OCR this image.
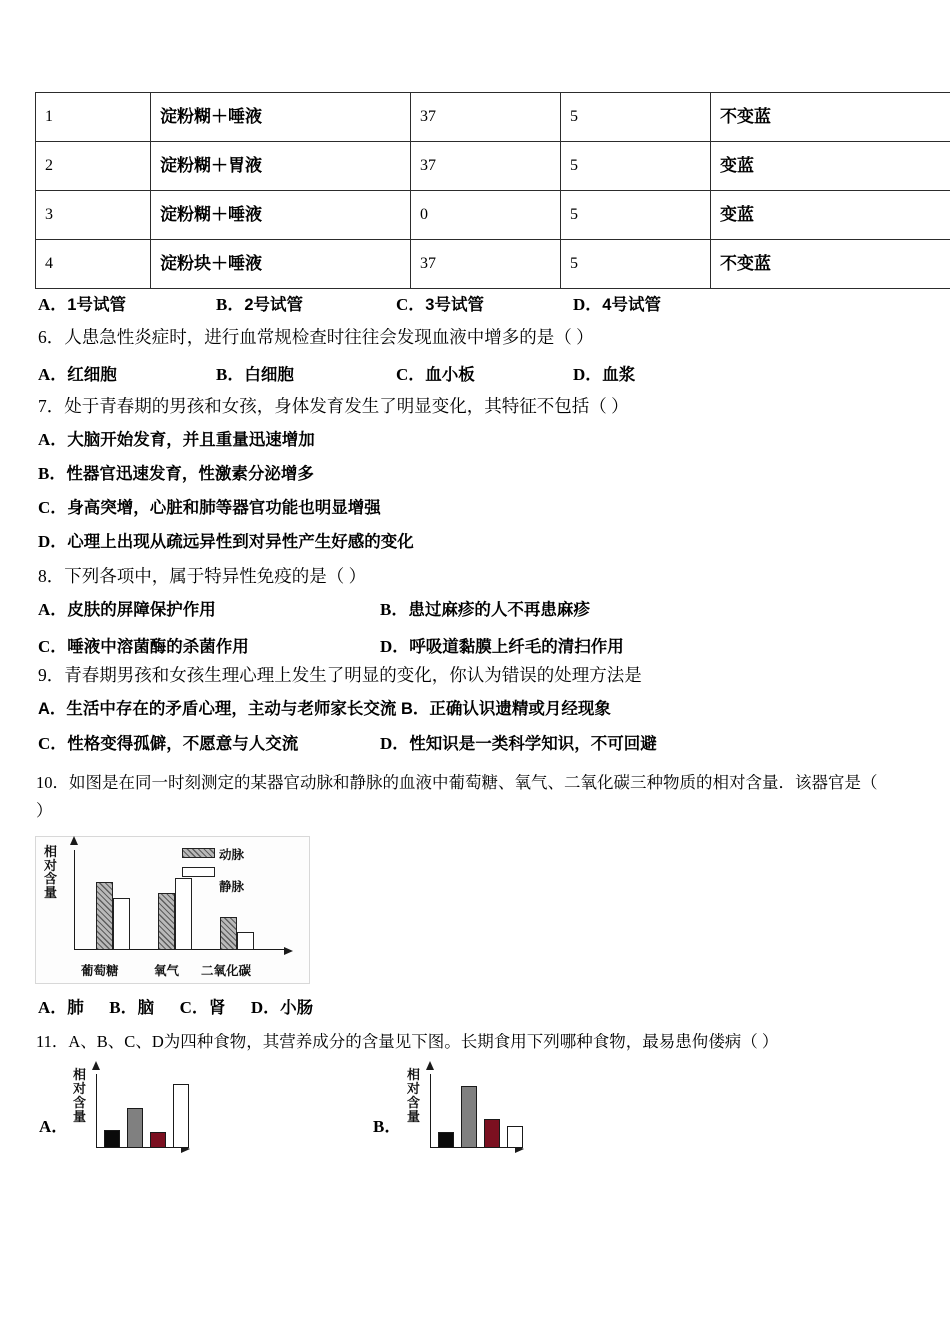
1	淀粉糊＋唾液	37	5	不变蓝
2	淀粉糊＋胃液	37	5	变蓝
3	淀粉糊＋唾液	0	5	变蓝
4	淀粉块＋唾液	37	5	不变蓝
A．1号试管	B．2号试管	C．3号试管	D．4号试管
6．人患急性炎症时，进行血常规检查时往往会发现血液中增多的是（ ）
A．红细胞	B．白细胞	C．血小板	D．血浆
7．处于青春期的男孩和女孩，身体发育发生了明显变化，其特征不包括（ ）
A．大脑开始发育，并且重量迅速增加
B．性器官迅速发育，性激素分泌增多
C．身高突增，心脏和肺等器官功能也明显增强
D．心理上出现从疏远异性到对异性产生好感的变化
8．下列各项中，属于特异性免疫的是（ ）
A．皮肤的屏障保护作用	B．患过麻疹的人不再患麻疹
C．唾液中溶菌酶的杀菌作用	D．呼吸道黏膜上纤毛的清扫作用
9．青春期男孩和女孩生理心理上发生了明显的变化，你认为错误的处理方法是
A．生活中存在的矛盾心理，主动与老师家长交流 B．正确认识遗精或月经现象
C．性格变得孤僻，不愿意与人交流	D．性知识是一类科学知识，不可回避
10．如图是在同一时刻测定的某器官动脉和静脉的血液中葡萄糖、氧气、二氧化碳三种物质的相对含量．该器官是（
）
相对含量
葡萄糖	氧气 二氧化碳
动脉
静脉
A．肺 B．脑 C．肾 D．小肠
11．A、B、C、D为四种食物，其营养成分的含量见下图。长期食用下列哪种食物，最易患佝偻病（ ）
A．
相对含量
B．
相对含量
